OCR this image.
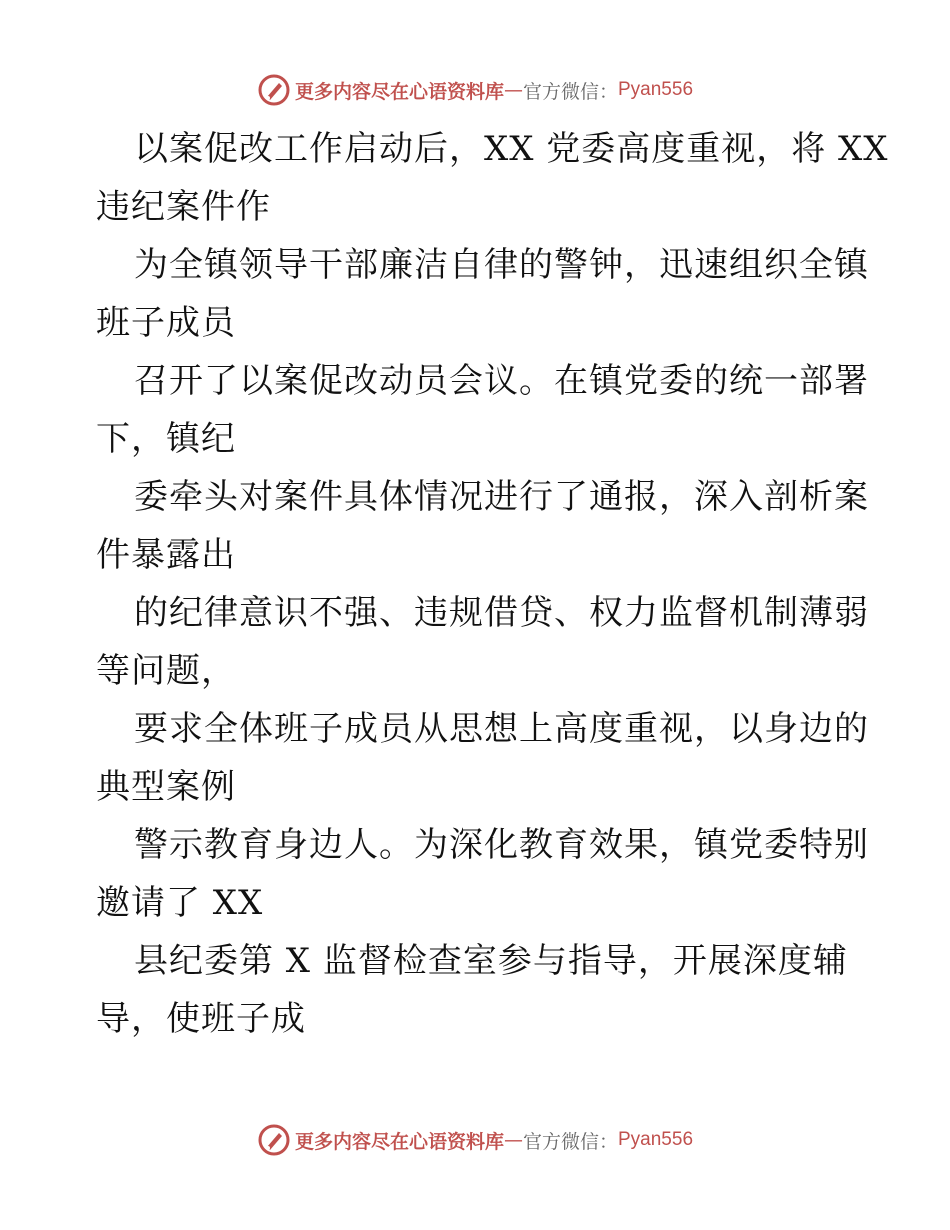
更多内容尽在心语资料库 — 官方微信： Pyan556
以案促改工作启动后，XX 党委高度重视，将 XX
违纪案件作
为全镇领导干部廉洁自律的警钟，迅速组织全镇
班子成员
召开了以案促改动员会议。在镇党委的统一部署
下，镇纪
委牵头对案件具体情况进行了通报，深入剖析案
件暴露出
的纪律意识不强、违规借贷、权力监督机制薄弱
等问题，
要求全体班子成员从思想上高度重视，以身边的
典型案例
警示教育身边人。为深化教育效果，镇党委特别
邀请了 XX
县纪委第 X 监督检查室参与指导，开展深度辅
导，使班子成
更多内容尽在心语资料库 — 官方微信： Pyan556
